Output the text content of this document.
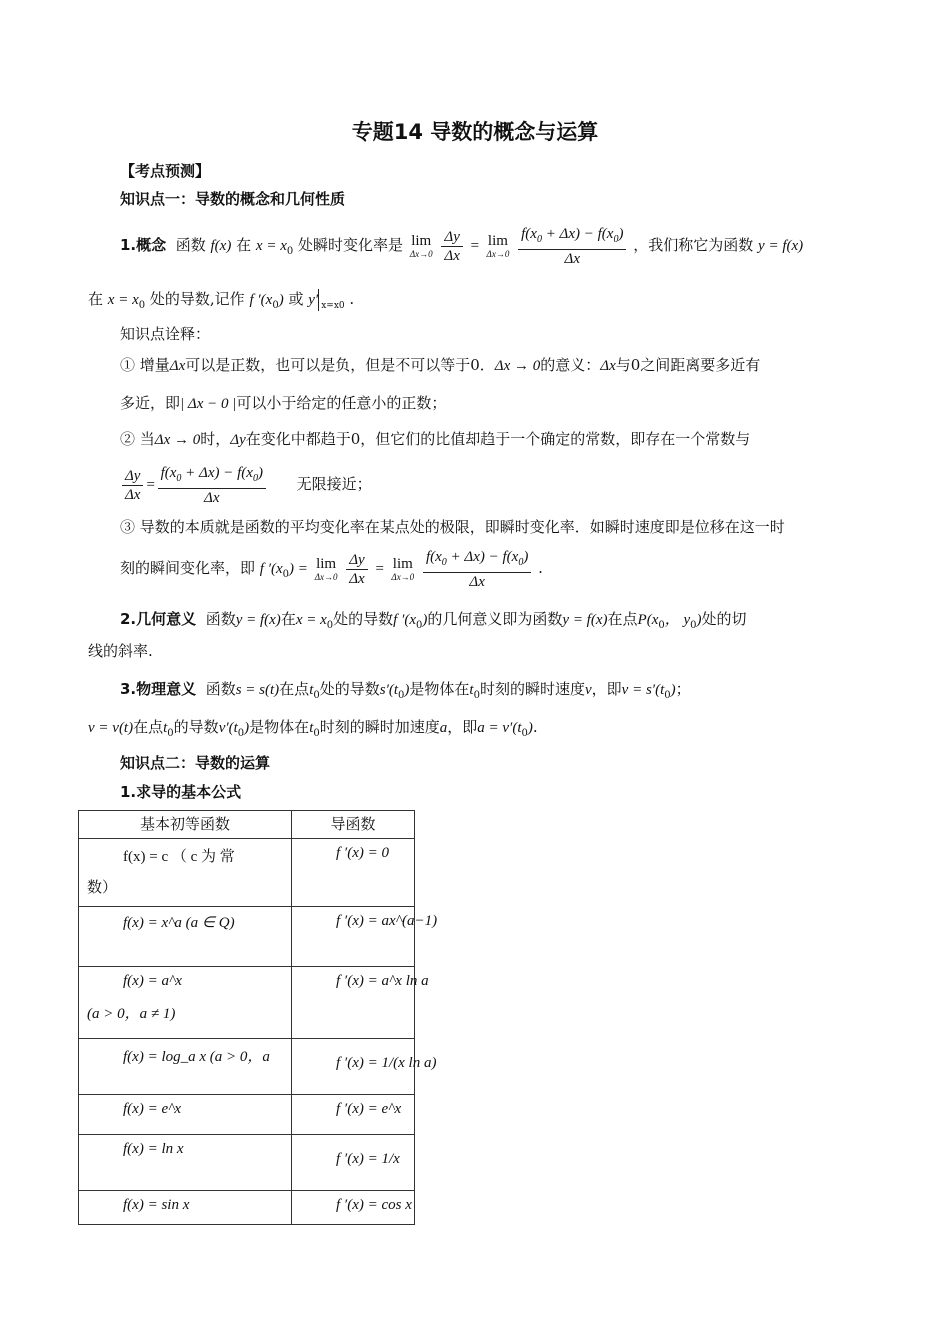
专题14 导数的概念与运算
【考点预测】
知识点一：导数的概念和几何性质
1.概念 函数 f(x) 在 $x = x_0$ 处瞬时变化率是 lim
Δx→0
$\frac{\Delta y}{\Delta x} = \lim$
Δx→0
$\frac{f(x_0 + \Delta x) - f(x_0)}{\Delta x}$ ，我们称它为函数 y = f(x)
在 $x = x_0$ 处的导数,记作 f $'(x_0)$ 或 y′ x=x0 .
知识点诠释：
① 增量Δx可以是正数，也可以是负，但是不可以等于0．Δx → 0的意义：Δx与0之间距离要多近有
多近，即| Δx − 0 |可以小于给定的任意小的正数；
② 当Δx → 0时，Δy在变化中都趋于0，但它们的比值却趋于一个确定的常数，即存在一个常数与
$\frac{\Delta y}{\Delta x} = \frac{f(x_0 + \Delta x) - f(x_0)}{\Delta x}$ 无限接近；
③ 导数的本质就是函数的平均变化率在某点处的极限，即瞬时变化率．如瞬时速度即是位移在这一时
刻的瞬间变化率，即 f $'(x_0) = \lim$
Δx→0
$\frac{\Delta y}{\Delta x} = \lim$
Δx→0
$\frac{f(x_0 + \Delta x) - f(x_0)}{\Delta x}$ .
2.几何意义 函数y = f(x)在$x = x_0$处的导数f $'(x_0)$的几何意义即为函数y = f(x)在点$P(x_0$， $y_0$)处的切
线的斜率.
3.物理意义 函数s = s(t)在点$t_0$处的导数$s'(t_0)$是物体在$t_0$时刻的瞬时速度v，即$v = s'(t_0)$；
v = v(t)在点$t_0$的导数$v'(t_0)$是物体在$t_0$时刻的瞬时加速度a，即$a = v'(t_0)$.
知识点二：导数的运算
1.求导的基本公式
基本初等函数	导函数

f(x) = c （ c 为 常
数）	f ′(x) = 0

f(x) = x^a (a ∈ Q)	f ′(x) = ax^(a−1)

f(x) = a^x
(a > 0，a ≠ 1)	f ′(x) = a^x ln a

f(x) = log_a x (a > 0，a	f ′(x) = 1/(x ln a)

f(x) = e^x	f ′(x) = e^x

f(x) = ln x	f ′(x) = 1/x

f(x) = sin x	f ′(x) = cos x
